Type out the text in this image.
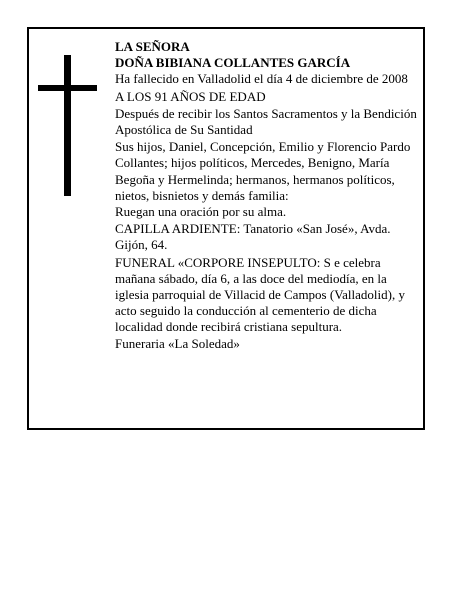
LA SEÑORA

DOÑA BIBIANA COLLANTES GARCÍA

Ha fallecido en Valladolid el día 4 de diciembre de 2008

A LOS 91 AÑOS DE EDAD

Después de recibir los Santos Sacramentos y la Bendición Apostólica de Su Santidad

Sus hijos, Daniel, Concepción, Emilio y Florencio Pardo Collantes; hijos políticos, Mercedes, Benigno, María Begoña y Hermelinda; hermanos, hermanos políticos, nietos, bisnietos y demás familia:

Ruegan una oración por su alma.

CAPILLA ARDIENTE: Tanatorio «San José», Avda. Gijón, 64.

FUNERAL «CORPORE INSEPULTO: S e celebra mañana sábado, día 6, a las doce del mediodía, en la iglesia parroquial de Villacid de Campos (Valladolid), y acto seguido la conducción al cementerio de dicha localidad donde recibirá cristiana sepultura.

Funeraria «La Soledad»
